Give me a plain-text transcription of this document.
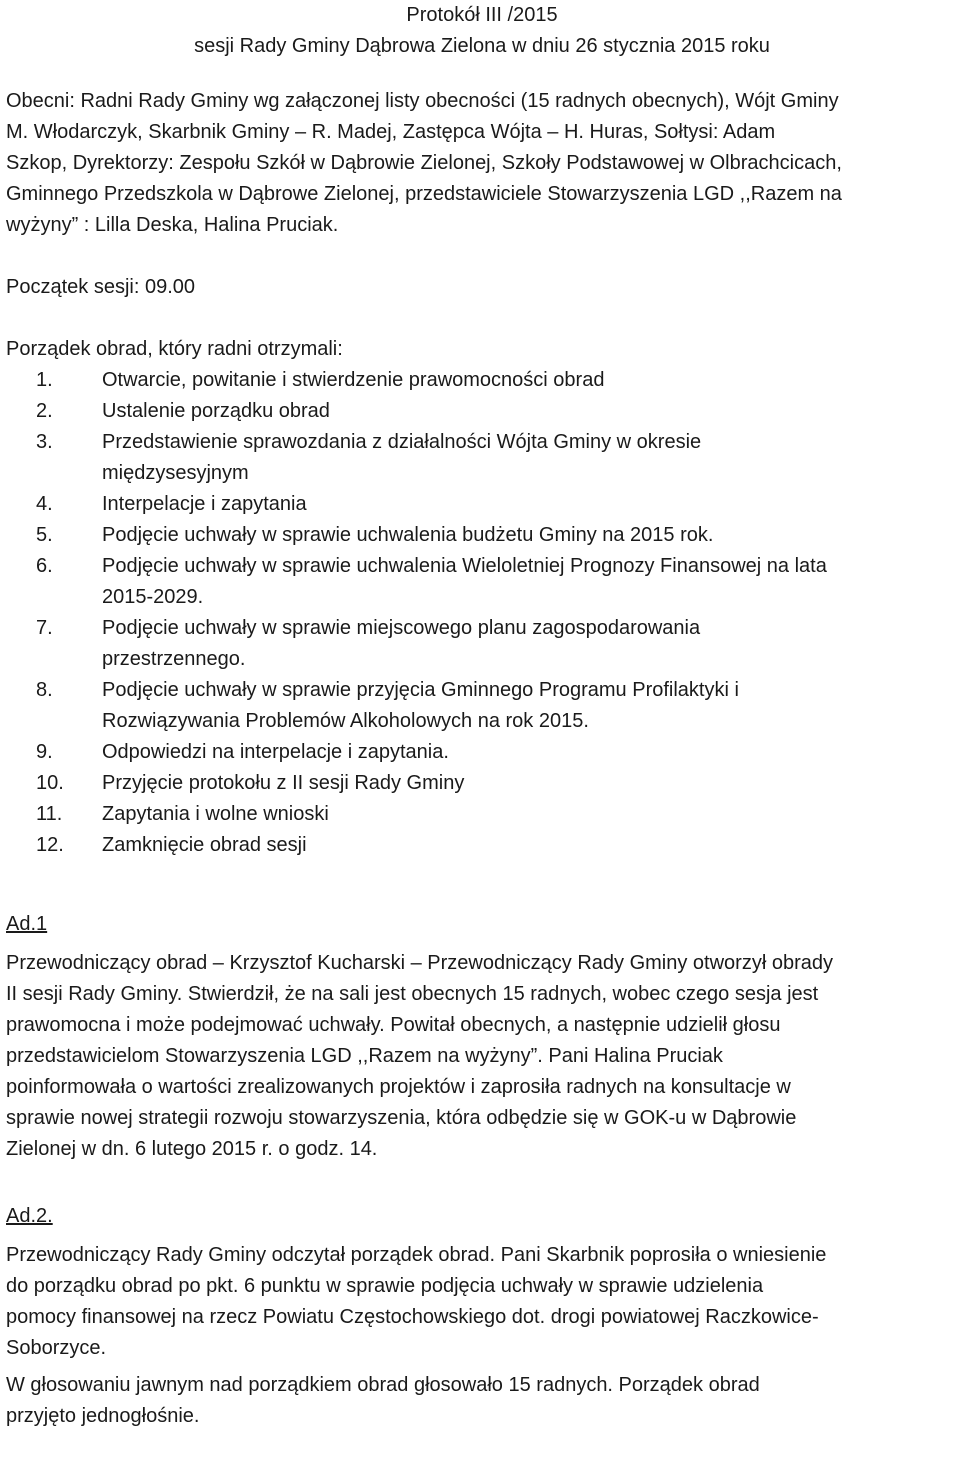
Protokół III /2015
sesji Rady Gminy Dąbrowa Zielona w dniu 26 stycznia 2015 roku
Obecni: Radni Rady Gminy wg załączonej listy obecności (15 radnych obecnych), Wójt Gminy
M. Włodarczyk, Skarbnik Gminy – R. Madej, Zastępca Wójta – H. Huras, Sołtysi: Adam
Szkop, Dyrektorzy: Zespołu Szkół w Dąbrowie Zielonej, Szkoły Podstawowej w Olbrachcicach,
Gminnego Przedszkola w Dąbrowe Zielonej, przedstawiciele Stowarzyszenia LGD ,,Razem na
wyżyny” : Lilla Deska, Halina Pruciak.
Początek sesji: 09.00
Porządek obrad, który radni otrzymali:
1.	Otwarcie, powitanie i stwierdzenie prawomocności obrad
2.	Ustalenie porządku obrad
3.	Przedstawienie sprawozdania z działalności Wójta Gminy w okresie
międzysesyjnym
4.	Interpelacje i zapytania
5.	Podjęcie uchwały w sprawie uchwalenia budżetu Gminy na 2015 rok.
6.	Podjęcie uchwały w sprawie uchwalenia Wieloletniej Prognozy Finansowej na lata
2015-2029.
7.	Podjęcie uchwały w sprawie miejscowego planu zagospodarowania
przestrzennego.
8.	Podjęcie uchwały w sprawie przyjęcia Gminnego Programu Profilaktyki i
Rozwiązywania Problemów Alkoholowych na rok 2015.
9.	Odpowiedzi na interpelacje i zapytania.
10.	Przyjęcie protokołu z II sesji Rady Gminy
11.	Zapytania i wolne wnioski
12.	Zamknięcie obrad sesji
Ad.1
Przewodniczący obrad – Krzysztof Kucharski – Przewodniczący Rady Gminy otworzył obrady
II sesji Rady Gminy. Stwierdził, że na sali jest obecnych 15 radnych, wobec czego sesja jest
prawomocna i może podejmować uchwały. Powitał obecnych, a następnie udzielił głosu
przedstawicielom Stowarzyszenia LGD ,,Razem na wyżyny”. Pani Halina Pruciak
poinformowała o wartości zrealizowanych projektów i zaprosiła radnych na konsultacje w
sprawie nowej strategii rozwoju stowarzyszenia, która odbędzie się w GOK-u w Dąbrowie
Zielonej w dn. 6 lutego 2015 r. o godz. 14.
Ad.2.
Przewodniczący Rady Gminy odczytał porządek obrad. Pani Skarbnik poprosiła o wniesienie
do porządku obrad po pkt. 6 punktu w sprawie podjęcia uchwały w sprawie udzielenia
pomocy finansowej na rzecz Powiatu Częstochowskiego dot. drogi powiatowej Raczkowice-
Soborzyce.
W głosowaniu jawnym nad porządkiem obrad głosowało 15 radnych. Porządek obrad
przyjęto jednogłośnie.
